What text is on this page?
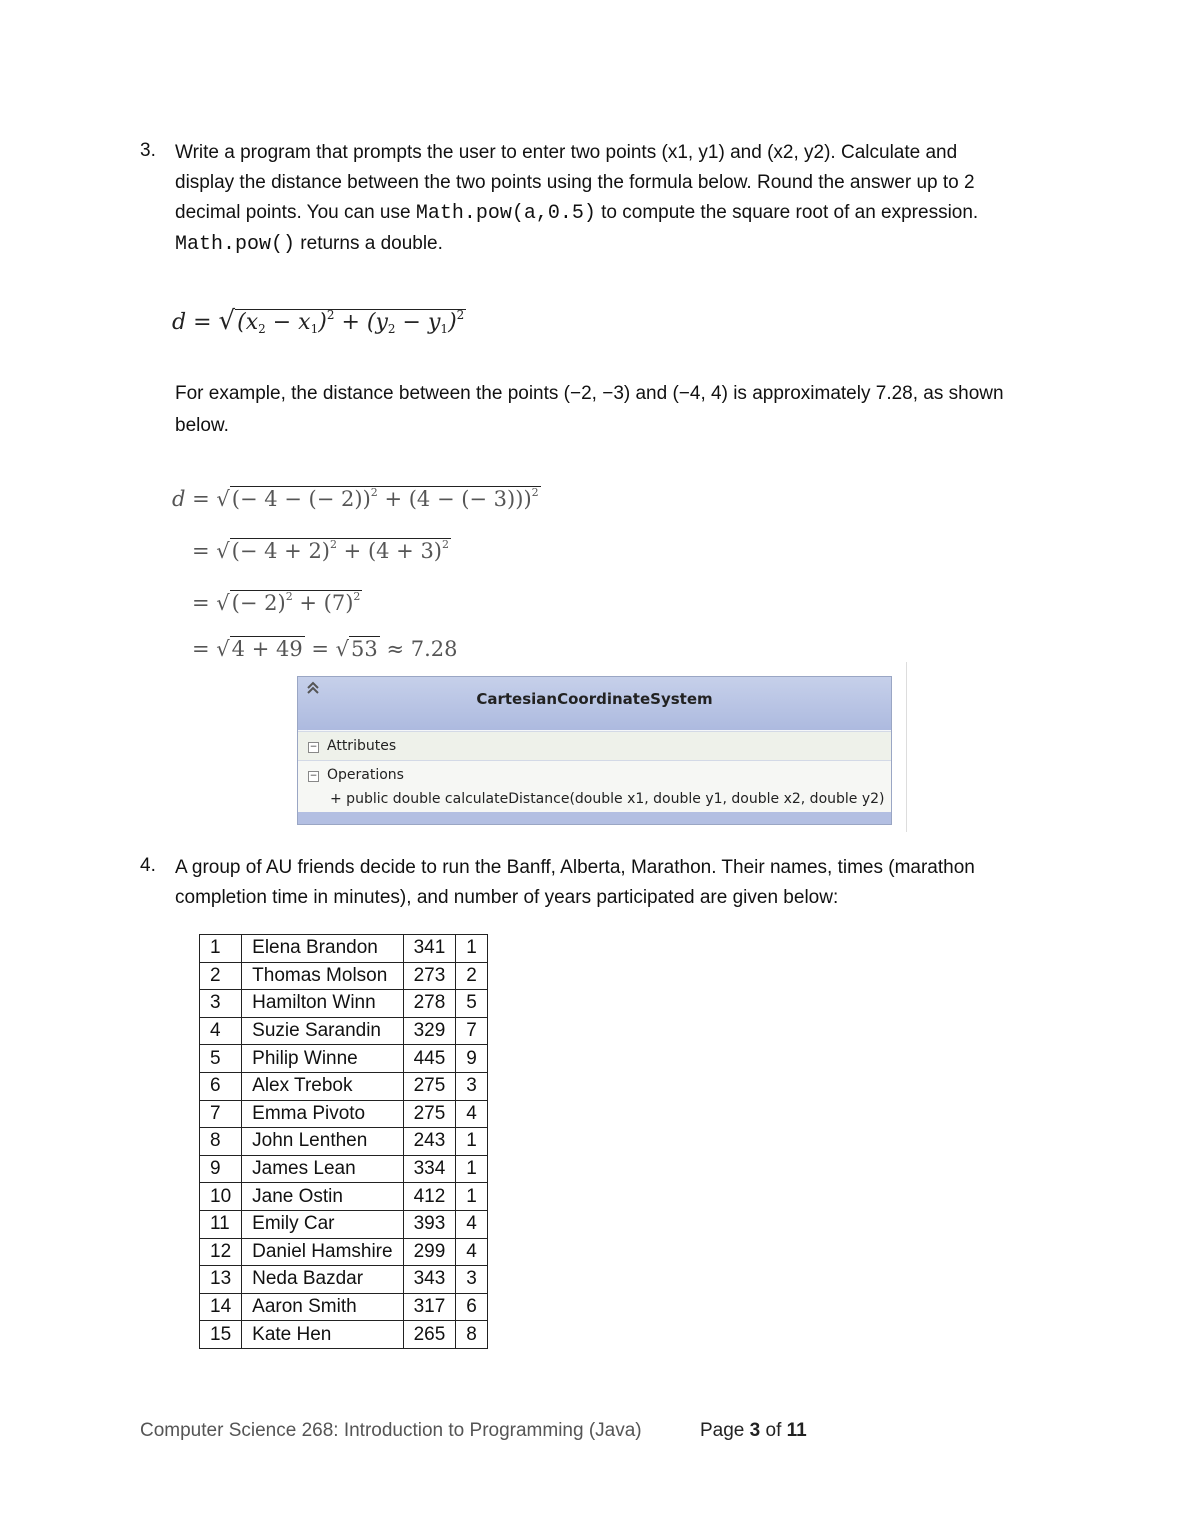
3. Write a program that prompts the user to enter two points (x1, y1) and (x2, y2). Calculate and
display the distance between the two points using the formula below. Round the answer up to 2
decimal points. You can use Math.pow(a,0.5) to compute the square root of an expression.
Math.pow() returns a double.
$d = √(x_2 - x_1)^2 + (y_2 - y_1)^2$
For example, the distance between the points (−2, −3) and (−4, 4) is approximately 7.28, as shown
below.
d = √(− 4 − (− 2))$^2$ + (4 − (− 3)))$^2$
= √(− $4 + 2)^2 + (4 + 3)^2$
= √(− $2)^2 + (7)^2$
= √4 + 49 = √53 ≈ 7.28
CartesianCoordinateSystem
− Attributes
− Operations
+ public double calculateDistance(double x1, double y1, double x2, double y2)
4. A group of AU friends decide to run the Banff, Alberta, Marathon. Their names, times (marathon
completion time in minutes), and number of years participated are given below:
1	Elena Brandon	341	1
2	Thomas Molson	273	2
3	Hamilton Winn	278	5
4	Suzie Sarandin	329	7
5	Philip Winne	445	9
6	Alex Trebok	275	3
7	Emma Pivoto	275	4
8	John Lenthen	243	1
9	James Lean	334	1
10	Jane Ostin	412	1
11	Emily Car	393	4
12	Daniel Hamshire	299	4
13	Neda Bazdar	343	3
14	Aaron Smith	317	6
15	Kate Hen	265	8
Computer Science 268: Introduction to Programming (Java)	Page 3 of 11
